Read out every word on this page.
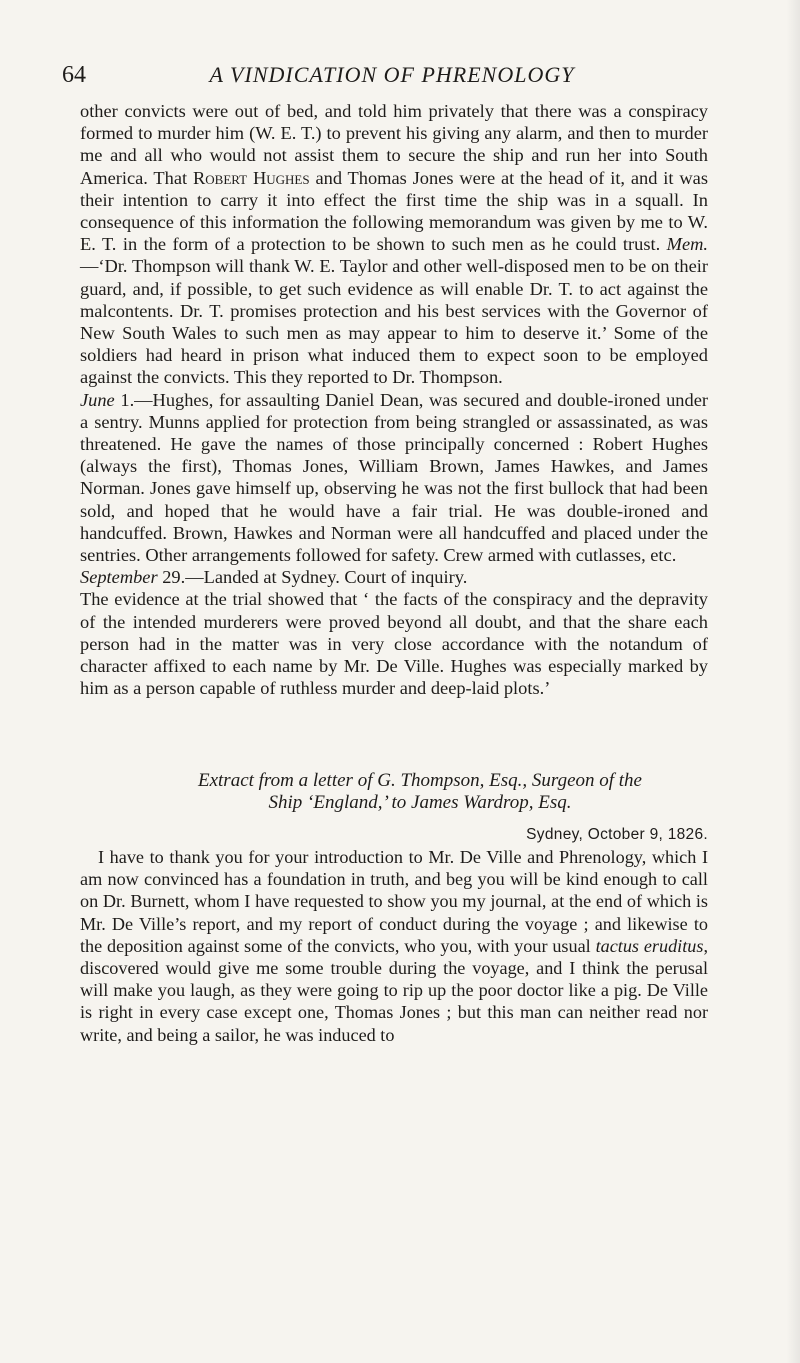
64	A VINDICATION OF PHRENOLOGY

other convicts were out of bed, and told him privately that there was a conspiracy formed to murder him (W. E. T.) to prevent his giving any alarm, and then to murder me and all who would not assist them to secure the ship and run her into South America. That Robert Hughes and Thomas Jones were at the head of it, and it was their intention to carry it into effect the first time the ship was in a squall. In consequence of this information the following memorandum was given by me to W. E. T. in the form of a protection to be shown to such men as he could trust. Mem.—‘Dr. Thompson will thank W. E. Taylor and other well-disposed men to be on their guard, and, if possible, to get such evidence as will enable Dr. T. to act against the malcontents. Dr. T. promises protection and his best services with the Governor of New South Wales to such men as may appear to him to deserve it.’ Some of the soldiers had heard in prison what induced them to expect soon to be employed against the convicts. This they reported to Dr. Thompson.

June 1.—Hughes, for assaulting Daniel Dean, was secured and double-ironed under a sentry. Munns applied for protection from being strangled or assassinated, as was threatened. He gave the names of those principally concerned : Robert Hughes (always the first), Thomas Jones, William Brown, James Hawkes, and James Norman. Jones gave himself up, observing he was not the first bullock that had been sold, and hoped that he would have a fair trial. He was double-ironed and handcuffed. Brown, Hawkes and Norman were all handcuffed and placed under the sentries. Other arrangements followed for safety. Crew armed with cutlasses, etc.

September 29.—Landed at Sydney. Court of inquiry.

The evidence at the trial showed that ‘ the facts of the conspiracy and the depravity of the intended murderers were proved beyond all doubt, and that the share each person had in the matter was in very close accordance with the notandum of character affixed to each name by Mr. De Ville. Hughes was especially marked by him as a person capable of ruthless murder and deep-laid plots.’

Extract from a letter of G. Thompson, Esq., Surgeon of the
Ship ‘England,’ to James Wardrop, Esq.
Sydney, October 9, 1826.

I have to thank you for your introduction to Mr. De Ville and Phrenology, which I am now convinced has a foundation in truth, and beg you will be kind enough to call on Dr. Burnett, whom I have requested to show you my journal, at the end of which is Mr. De Ville’s report, and my report of conduct during the voyage ; and likewise to the deposition against some of the convicts, who you, with your usual tactus eruditus, discovered would give me some trouble during the voyage, and I think the perusal will make you laugh, as they were going to rip up the poor doctor like a pig. De Ville is right in every case except one, Thomas Jones ; but this man can neither read nor write, and being a sailor, he was induced to
